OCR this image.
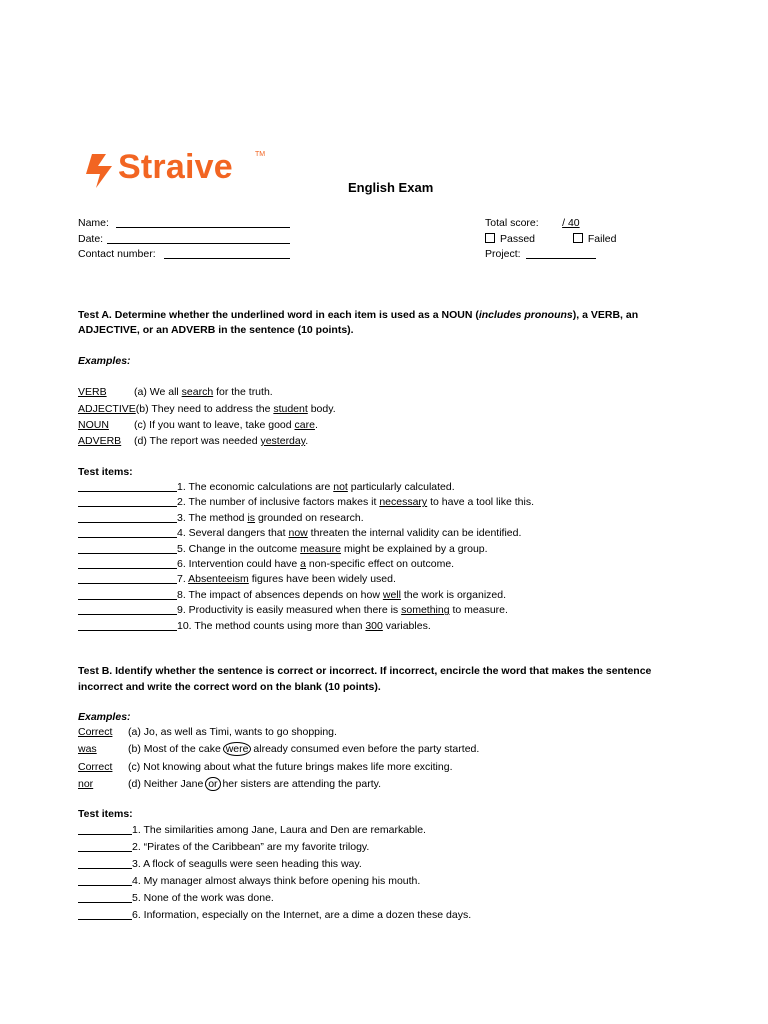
Straive	TM
English Exam
Name:
Date:
Contact number:
Total score: / 40
Passed	Failed
Project:
Test A. Determine whether the underlined word in each item is used as a NOUN (includes pronouns), a VERB, an
ADJECTIVE, or an ADVERB in the sentence (10 points).
Examples:
VERB	(a) We all search for the truth.
ADJECTIVE(b) They need to address the student body.
NOUN (c) If you want to leave, take good care.
ADVERB (d) The report was needed yesterday.
Test items:
1. The economic calculations are not particularly calculated.
2. The number of inclusive factors makes it necessary to have a tool like this.
3. The method is grounded on research.
4. Several dangers that now threaten the internal validity can be identified.
5. Change in the outcome measure might be explained by a group.
6. Intervention could have a non-specific effect on outcome.
7. Absenteeism figures have been widely used.
8. The impact of absences depends on how well the work is organized.
9. Productivity is easily measured when there is something to measure.
10. The method counts using more than 300 variables.
Test B. Identify whether the sentence is correct or incorrect. If incorrect, encircle the word that makes the sentence
incorrect and write the correct word on the blank (10 points).
Examples:
Correct (a) Jo, as well as Timi, wants to go shopping.
was	(b) Most of the cake were already consumed even before the party started.
Correct (c) Not knowing about what the future brings makes life more exciting.
nor	(d) Neither Jane or her sisters are attending the party.
Test items:
1. The similarities among Jane, Laura and Den are remarkable.
2. “Pirates of the Caribbean” are my favorite trilogy.
3. A flock of seagulls were seen heading this way.
4. My manager almost always think before opening his mouth.
5. None of the work was done.
6. Information, especially on the Internet, are a dime a dozen these days.
